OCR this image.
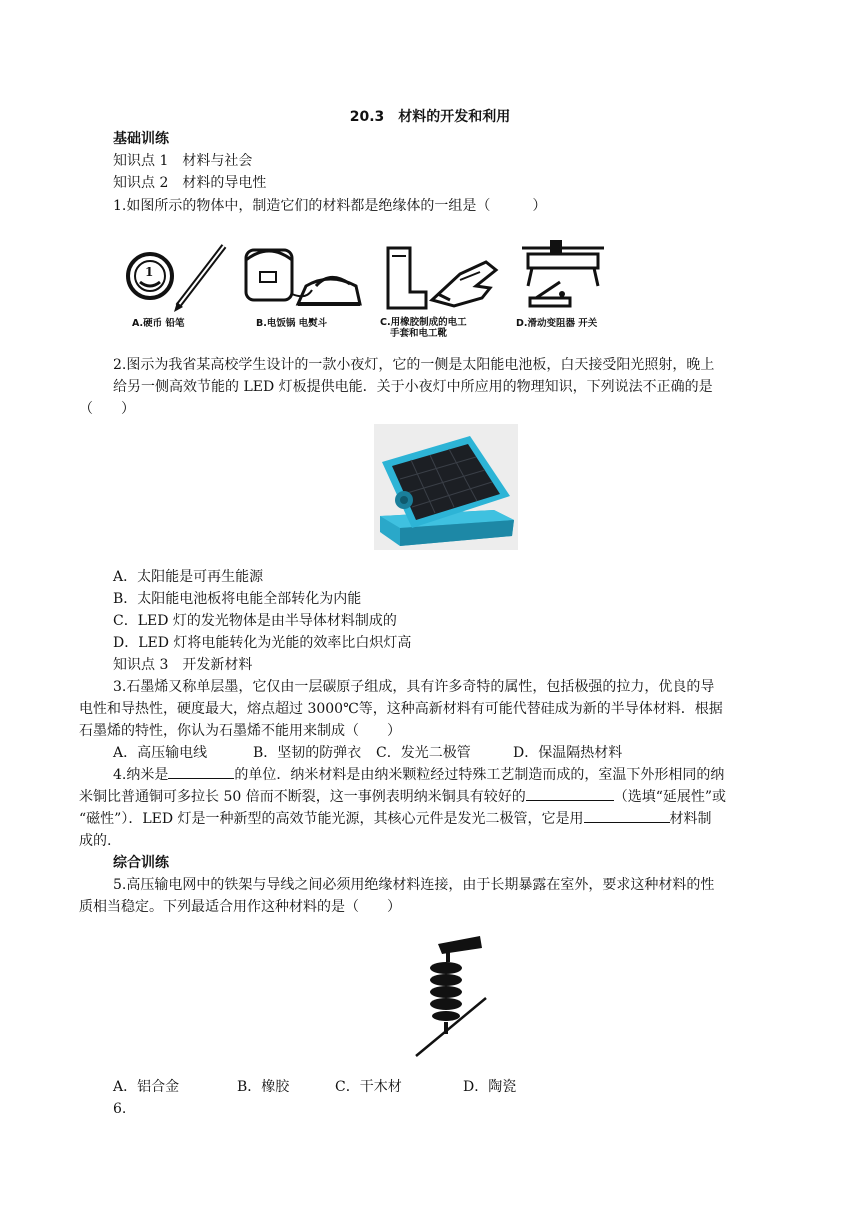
20.3　材料的开发和利用
基础训练
知识点 1　材料与社会
知识点 2　材料的导电性
1.如图所示的物体中，制造它们的材料都是绝缘体的一组是（　　　）
1
A.硬币 铅笔	B.电饭锅 电熨斗	C.用橡胶制成的电工
手套和电工靴
D.滑动变阻器 开关
2.图示为我省某高校学生设计的一款小夜灯，它的一侧是太阳能电池板，白天接受阳光照射，晚上
给另一侧高效节能的 LED 灯板提供电能．关于小夜灯中所应用的物理知识，下列说法不正确的是
（　　）
A．太阳能是可再生能源
B．太阳能电池板将电能全部转化为内能
C．LED 灯的发光物体是由半导体材料制成的
D．LED 灯将电能转化为光能的效率比白炽灯高
知识点 3　开发新材料
3.石墨烯又称单层墨，它仅由一层碳原子组成，具有许多奇特的属性，包括极强的拉力，优良的导
电性和导热性，硬度最大，熔点超过 3000℃等，这种高新材料有可能代替硅成为新的半导体材料．根据
石墨烯的特性，你认为石墨烯不能用来制成（　　）
A．高压输电线	B．坚韧的防弹衣 C．发光二极管	D．保温隔热材料
4.纳米是	的单位．纳米材料是由纳米颗粒经过特殊工艺制造而成的，室温下外形相同的纳
米铜比普通铜可多拉长 50 倍而不断裂，这一事例表明纳米铜具有较好的	（选填“延展性”或
“磁性”）．LED 灯是一种新型的高效节能光源，其核心元件是发光二极管，它是用	材料制
成的.
综合训练
5.高压输电网中的铁架与导线之间必须用绝缘材料连接，由于长期暴露在室外，要求这种材料的性
质相当稳定。下列最适合用作这种材料的是（　　）
A．铝合金	B．橡胶	C．干木材	D．陶瓷
6.
